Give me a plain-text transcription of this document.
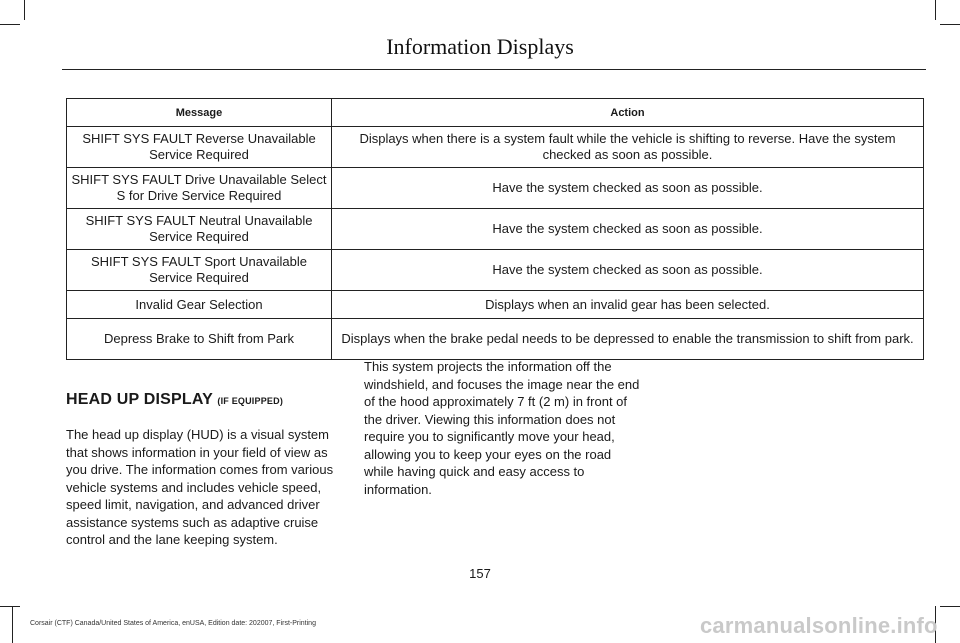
Information Displays
Message	Action
SHIFT SYS FAULT Reverse Unavailable Service Required	Displays when there is a system fault while the vehicle is shifting to reverse. Have the system checked as soon as possible.
SHIFT SYS FAULT Drive Unavailable Select S for Drive Service Required	Have the system checked as soon as possible.
SHIFT SYS FAULT Neutral Unavailable Service Required	Have the system checked as soon as possible.
SHIFT SYS FAULT Sport Unavailable Service Required	Have the system checked as soon as possible.
Invalid Gear Selection	Displays when an invalid gear has been selected.
Depress Brake to Shift from Park	Displays when the brake pedal needs to be depressed to enable the transmission to shift from park.
HEAD UP DISPLAY (IF EQUIPPED)
The head up display (HUD) is a visual system that shows information in your field of view as you drive. The information comes from various vehicle systems and includes vehicle speed, speed limit, navigation, and advanced driver assistance systems such as adaptive cruise control and the lane keeping system.
This system projects the information off the windshield, and focuses the image near the end of the hood approximately 7 ft (2 m) in front of the driver. Viewing this information does not require you to significantly move your head, allowing you to keep your eyes on the road while having quick and easy access to information.
157
Corsair (CTF) Canada/United States of America, enUSA, Edition date: 202007, First-Printing	carmanualsonline.info
